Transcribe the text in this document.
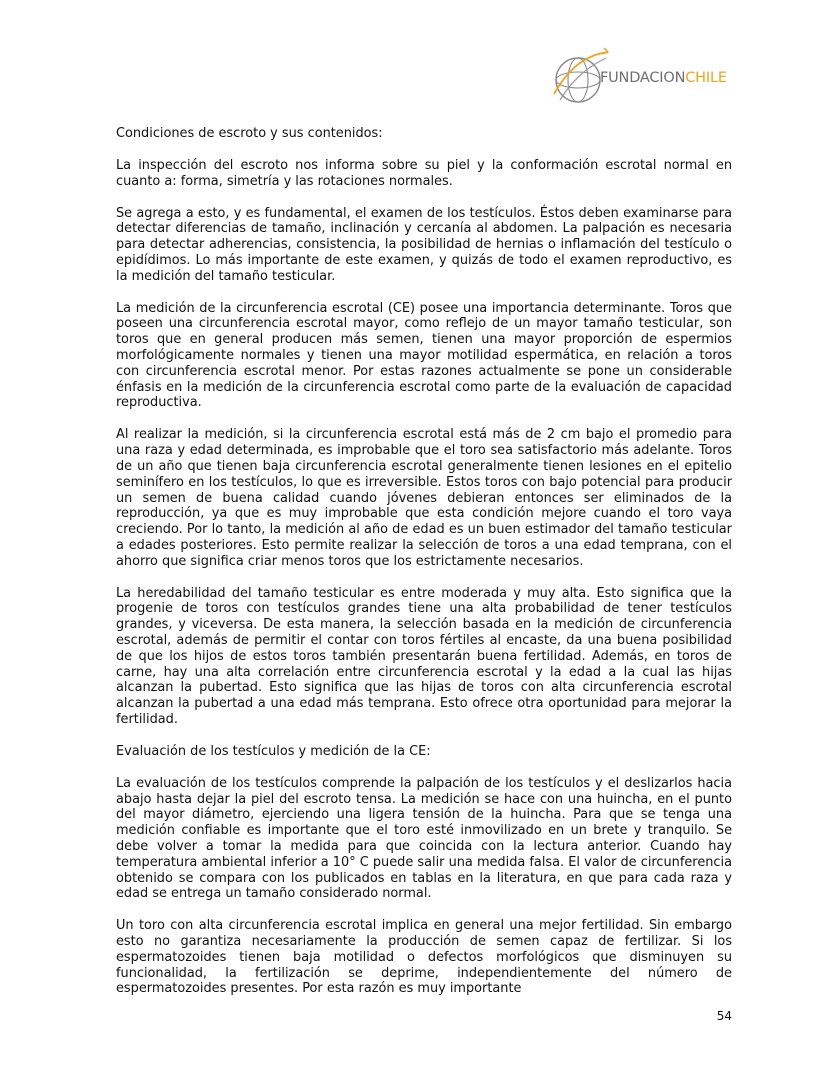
FUNDACIONCHILE

Condiciones de escroto y sus contenidos:

La inspección del escroto nos informa sobre su piel y la conformación escrotal normal en cuanto a: forma, simetría y las rotaciones normales.

Se agrega a esto, y es fundamental, el examen de los testículos. Éstos deben examinarse para detectar diferencias de tamaño, inclinación y cercanía al abdomen. La palpación es necesaria para detectar adherencias, consistencia, la posibilidad de hernias o inflamación del testículo o epidídimos. Lo más importante de este examen, y quizás de todo el examen reproductivo, es la medición del tamaño testicular.

La medición de la circunferencia escrotal (CE) posee una importancia determinante. Toros que poseen una circunferencia escrotal mayor, como reflejo de un mayor tamaño testicular, son toros que en general producen más semen, tienen una mayor proporción de espermios morfológicamente normales y tienen una mayor motilidad espermática, en relación a toros con circunferencia escrotal menor. Por estas razones actualmente se pone un considerable énfasis en la medición de la circunferencia escrotal como parte de la evaluación de capacidad reproductiva.

Al realizar la medición, si la circunferencia escrotal está más de 2 cm bajo el promedio para una raza y edad determinada, es improbable que el toro sea satisfactorio más adelante. Toros de un año que tienen baja circunferencia escrotal generalmente tienen lesiones en el epitelio seminífero en los testículos, lo que es irreversible. Estos toros con bajo potencial para producir un semen de buena calidad cuando jóvenes debieran entonces ser eliminados de la reproducción, ya que es muy improbable que esta condición mejore cuando el toro vaya creciendo. Por lo tanto, la medición al año de edad es un buen estimador del tamaño testicular a edades posteriores. Esto permite realizar la selección de toros a una edad temprana, con el ahorro que significa criar menos toros que los estrictamente necesarios.

La heredabilidad del tamaño testicular es entre moderada y muy alta. Esto significa que la progenie de toros con testículos grandes tiene una alta probabilidad de tener testículos grandes, y viceversa. De esta manera, la selección basada en la medición de circunferencia escrotal, además de permitir el contar con toros fértiles al encaste, da una buena posibilidad de que los hijos de estos toros también presentarán buena fertilidad. Además, en toros de carne, hay una alta correlación entre circunferencia escrotal y la edad a la cual las hijas alcanzan la pubertad. Esto significa que las hijas de toros con alta circunferencia escrotal alcanzan la pubertad a una edad más temprana. Esto ofrece otra oportunidad para mejorar la fertilidad.

Evaluación de los testículos y medición de la CE:

La evaluación de los testículos comprende la palpación de los testículos y el deslizarlos hacia abajo hasta dejar la piel del escroto tensa. La medición se hace con una huincha, en el punto del mayor diámetro, ejerciendo una ligera tensión de la huincha. Para que se tenga una medición confiable es importante que el toro esté inmovilizado en un brete y tranquilo. Se debe volver a tomar la medida para que coincida con la lectura anterior. Cuando hay temperatura ambiental inferior a 10° C puede salir una medida falsa. El valor de circunferencia obtenido se compara con los publicados en tablas en la literatura, en que para cada raza y edad se entrega un tamaño considerado normal.

Un toro con alta circunferencia escrotal implica en general una mejor fertilidad. Sin embargo esto no garantiza necesariamente la producción de semen capaz de fertilizar. Si los espermatozoides tienen baja motilidad o defectos morfológicos que disminuyen su funcionalidad, la fertilización se deprime, independientemente del número de espermatozoides presentes. Por esta razón es muy importante

54
